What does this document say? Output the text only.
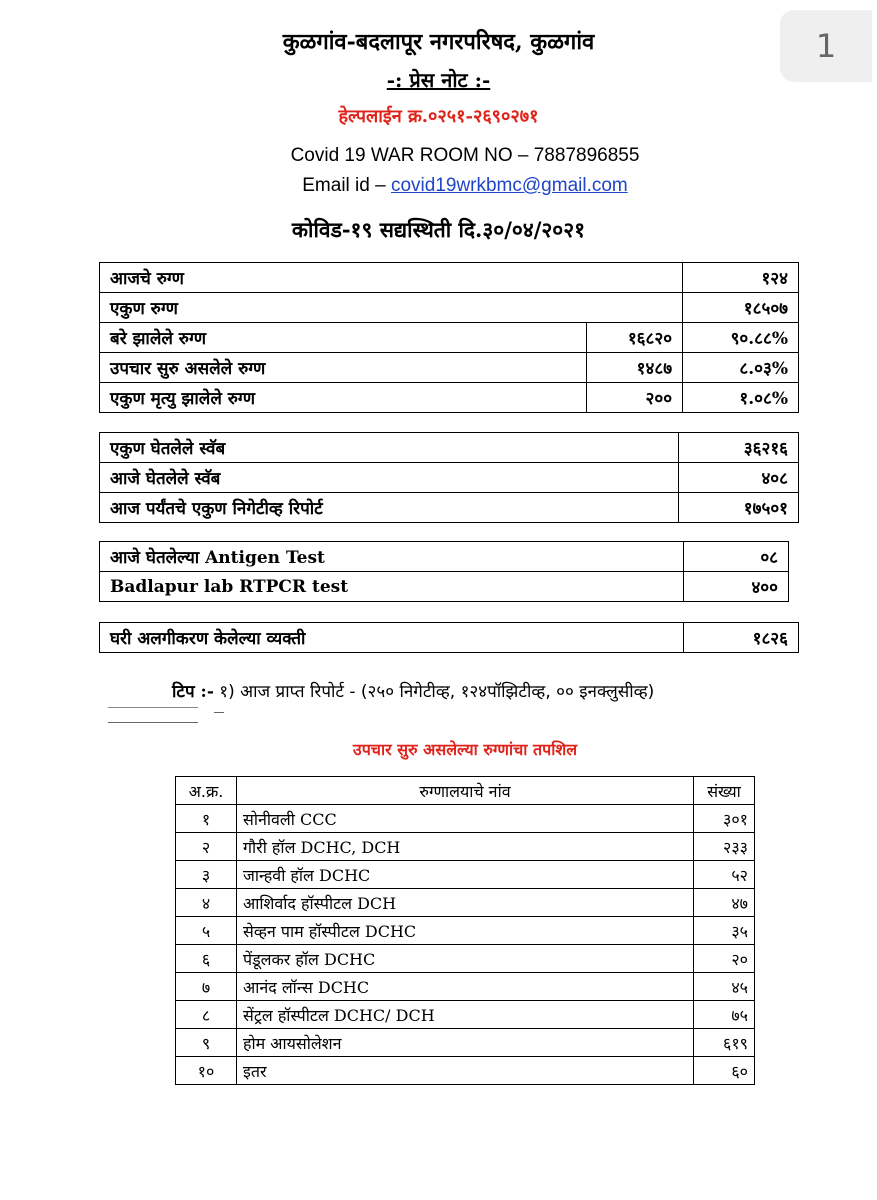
1
कुळगांव-बदलापूर नगरपरिषद, कुळगांव
-: प्रेस नोट :-
हेल्पलाईन क्र.०२५१-२६९०२७१
Covid 19 WAR ROOM NO – 7887896855
Email id – covid19wrkbmc@gmail.com
कोविड-१९ सद्यस्थिती दि.३०/०४/२०२१
आजचे रुग्ण		१२४
एकुण रुग्ण		१८५०७
बरे झालेले रुग्ण	१६८२०	९०.८८%
उपचार सुरु असलेले रुग्ण	१४८७	८.०३%
एकुण मृत्यु झालेले रुग्ण	२००	१.०८%
एकुण घेतलेले स्वॅब	३६२१६
आजे घेतलेले स्वॅब	४०८
आज पर्यंतचे एकुण निगेटीव्ह रिपोर्ट	१७५०१
आजे घेतलेल्या Antigen Test	०८
Badlapur lab RTPCR test	४००
घरी अलगीकरण केलेल्या व्यक्ती	१८२६
टिप :- १) आज प्राप्त रिपोर्ट - (२५० निगेटीव्ह, १२४पॉझिटीव्ह, ०० इनक्लुसीव्ह)
उपचार सुरु असलेल्या रुग्णांचा तपशिल
अ.क्र.	रुग्णालयाचे नांव	संख्या
१	सोनीवली CCC	३०१
२	गौरी हॉल DCHC, DCH	२३३
३	जान्हवी हॉल DCHC	५२
४	आशिर्वाद हॉस्पीटल DCH	४७
५	सेव्हन पाम हॉस्पीटल DCHC	३५
६	पेंडूलकर हॉल DCHC	२०
७	आनंद लॉन्स DCHC	४५
८	सेंट्रल हॉस्पीटल DCHC/ DCH	७५
९	होम आयसोलेशन	६१९
१०	इतर	६०
